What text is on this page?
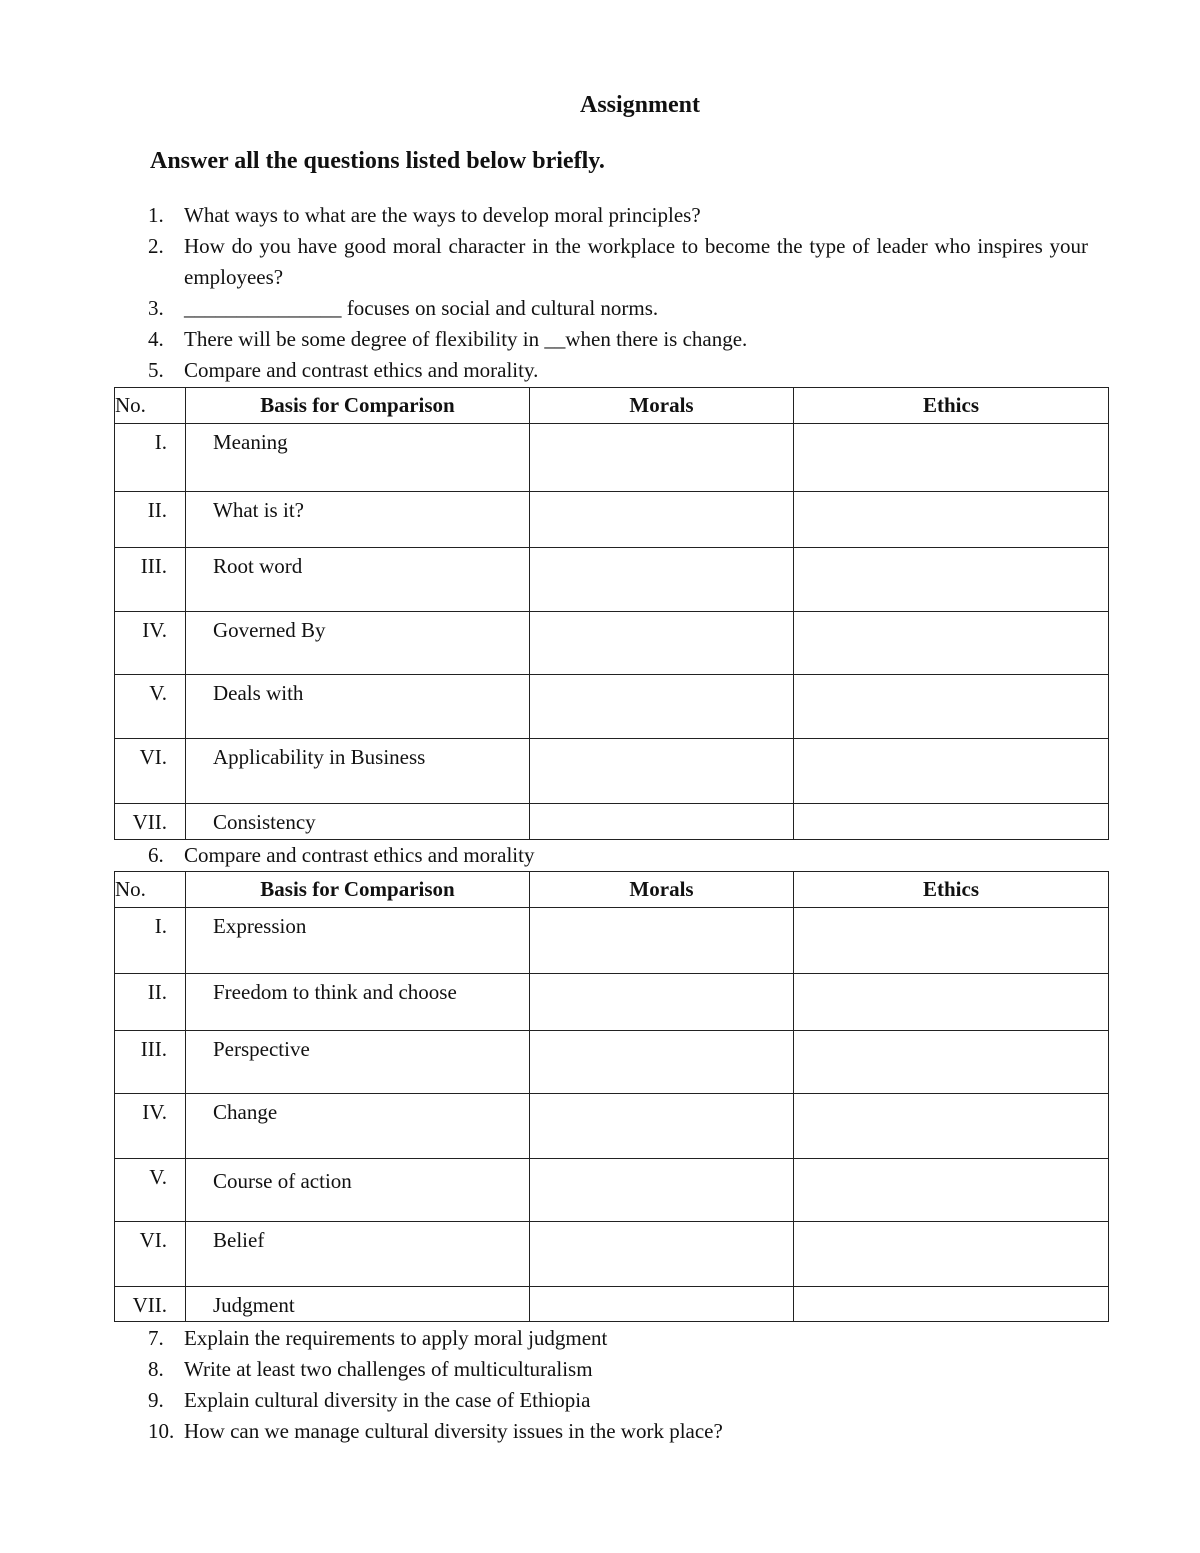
Assignment
Answer all the questions listed below briefly.
1. What ways to what are the ways to develop moral principles?
2. How do you have good moral character in the workplace to become the type of leader who inspires your employees?
3. _______________ focuses on social and cultural norms.
4. There will be some degree of flexibility in __when there is change.
5. Compare and contrast ethics and morality.
No.	Basis for Comparison	Morals	Ethics
I.	Meaning		
II.	What is it?		
III.	Root word		
IV.	Governed By		
V.	Deals with		
VI.	Applicability in Business		
VII.	Consistency		
6. Compare and contrast ethics and morality
No.	Basis for Comparison	Morals	Ethics
I.	Expression		
II.	Freedom to think and choose		
III.	Perspective		
IV.	Change		
V.	Course of action		
VI.	Belief		
VII.	Judgment		
7. Explain the requirements to apply moral judgment
8. Write at least two challenges of multiculturalism
9. Explain cultural diversity in the case of Ethiopia
10. How can we manage cultural diversity issues in the work place?
